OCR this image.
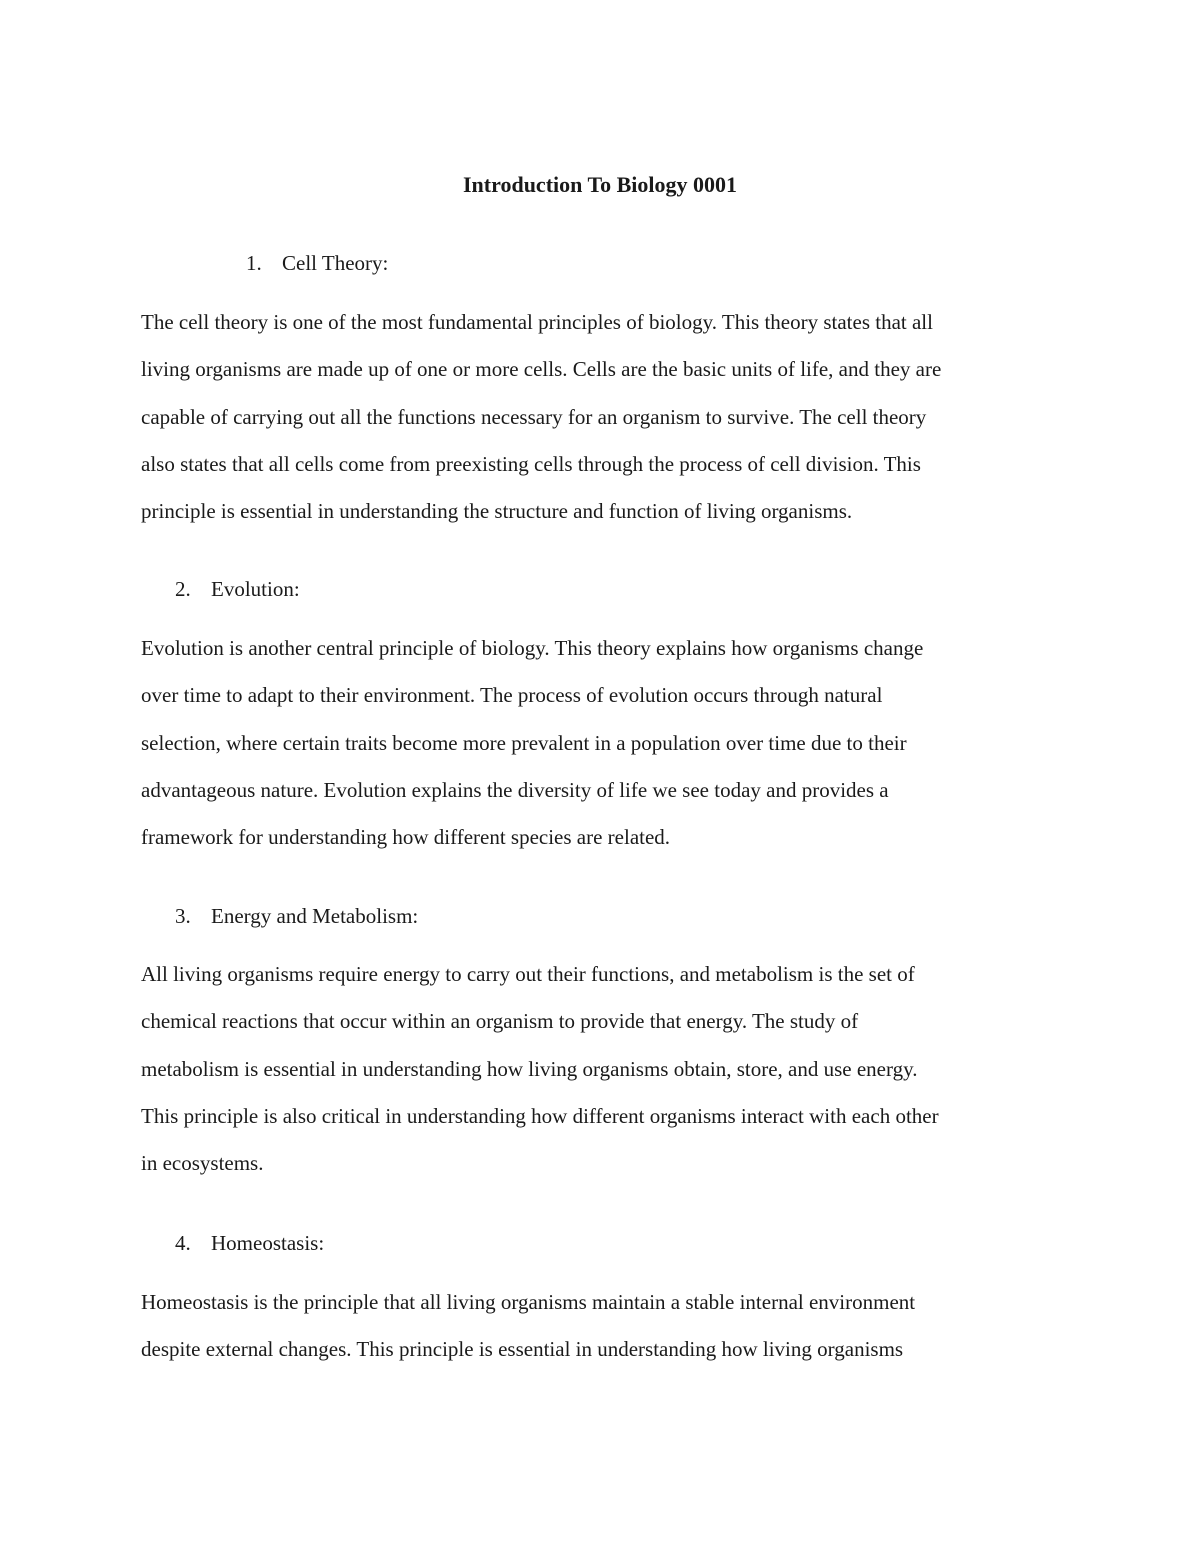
Introduction To Biology 0001
1. Cell Theory:
The cell theory is one of the most fundamental principles of biology. This theory states that all
living organisms are made up of one or more cells. Cells are the basic units of life, and they are
capable of carrying out all the functions necessary for an organism to survive. The cell theory
also states that all cells come from preexisting cells through the process of cell division. This
principle is essential in understanding the structure and function of living organisms.
2. Evolution:
Evolution is another central principle of biology. This theory explains how organisms change
over time to adapt to their environment. The process of evolution occurs through natural
selection, where certain traits become more prevalent in a population over time due to their
advantageous nature. Evolution explains the diversity of life we see today and provides a
framework for understanding how different species are related.
3. Energy and Metabolism:
All living organisms require energy to carry out their functions, and metabolism is the set of
chemical reactions that occur within an organism to provide that energy. The study of
metabolism is essential in understanding how living organisms obtain, store, and use energy.
This principle is also critical in understanding how different organisms interact with each other
in ecosystems.
4. Homeostasis:
Homeostasis is the principle that all living organisms maintain a stable internal environment
despite external changes. This principle is essential in understanding how living organisms
